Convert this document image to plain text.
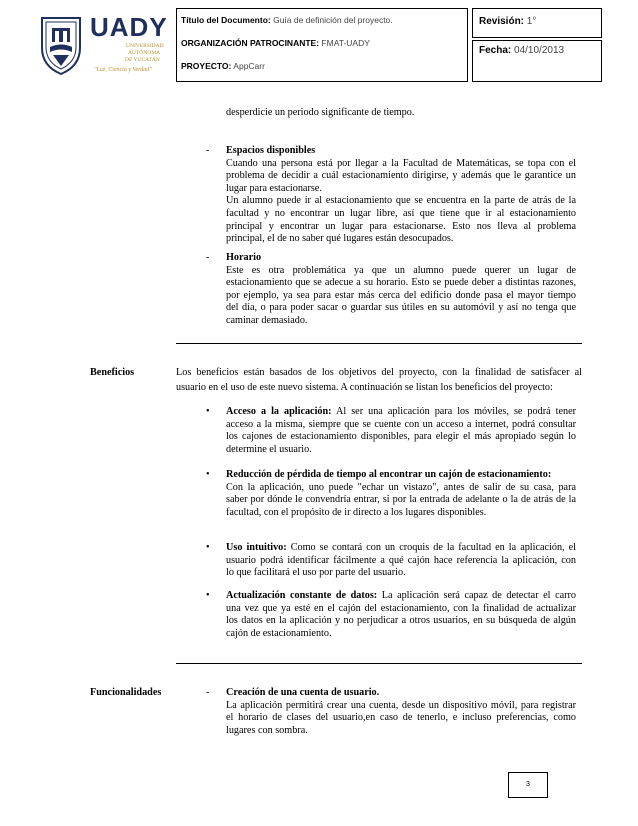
UADY
UNIVERSIDAD
AUTÓNOMA
DE YUCATÁN
"Luz, Ciencia y Verdad"
Título del Documento: Guía de definición del proyecto.
ORGANIZACIÓN PATROCINANTE: FMAT-UADY
PROYECTO: AppCarr
Revisión: 1°
Fecha: 04/10/2013
desperdicie un periodo significante de tiempo.
- Espacios disponibles
Cuando una persona está por llegar a la Facultad de Matemáticas, se topa con el
problema de decidir a cuál estacionamiento dirigirse, y además que le garantice un
lugar para estacionarse.
Un alumno puede ir al estacionamiento que se encuentra en la parte de atrás de la
facultad y no encontrar un lugar libre, así que tiene que ir al estacionamiento
principal y encontrar un lugar para estacionarse. Esto nos lleva al problema
principal, el de no saber qué lugares están desocupados.
- Horario
Este es otra problemática ya que un alumno puede querer un lugar de
estacionamiento que se adecue a su horario. Esto se puede deber a distintas razones,
por ejemplo, ya sea para estar más cerca del edificio donde pasa el mayor tiempo
del día, o para poder sacar o guardar sus útiles en su automóvil y así no tenga que
caminar demasiado.
Beneficios	Los beneficios están basados de los objetivos del proyecto, con la finalidad de satisfacer al
usuario en el uso de este nuevo sistema. A continuación se listan los beneficios del proyecto:
• Acceso a la aplicación: Al ser una aplicación para los móviles, se podrá tener
acceso a la misma, siempre que se cuente con un acceso a internet, podrá consultar
los cajones de estacionamiento disponibles, para elegir el más apropiado según lo
determine el usuario.
• Reducción de pérdida de tiempo al encontrar un cajón de estacionamiento:
Con la aplicación, uno puede "echar un vistazo", antes de salir de su casa, para
saber por dónde le convendría entrar, si por la entrada de adelante o la de atrás de la
facultad, con el propósito de ir directo a los lugares disponibles.
• Uso intuitivo: Como se contará con un croquis de la facultad en la aplicación, el
usuario podrá identificar fácilmente a qué cajón hace referencia la aplicación, con
lo que facilitará el uso por parte del usuario.
• Actualización constante de datos: La aplicación será capaz de detectar el carro
una vez que ya esté en el cajón del estacionamiento, con la finalidad de actualizar
los datos en la aplicación y no perjudicar a otros usuarios, en su búsqueda de algún
cajón de estacionamiento.
Funcionalidades	- Creación de una cuenta de usuario.
La aplicación permitirá crear una cuenta, desde un dispositivo móvil, para registrar
el horario de clases del usuario,en caso de tenerlo, e incluso preferencias, como
lugares con sombra.
3
